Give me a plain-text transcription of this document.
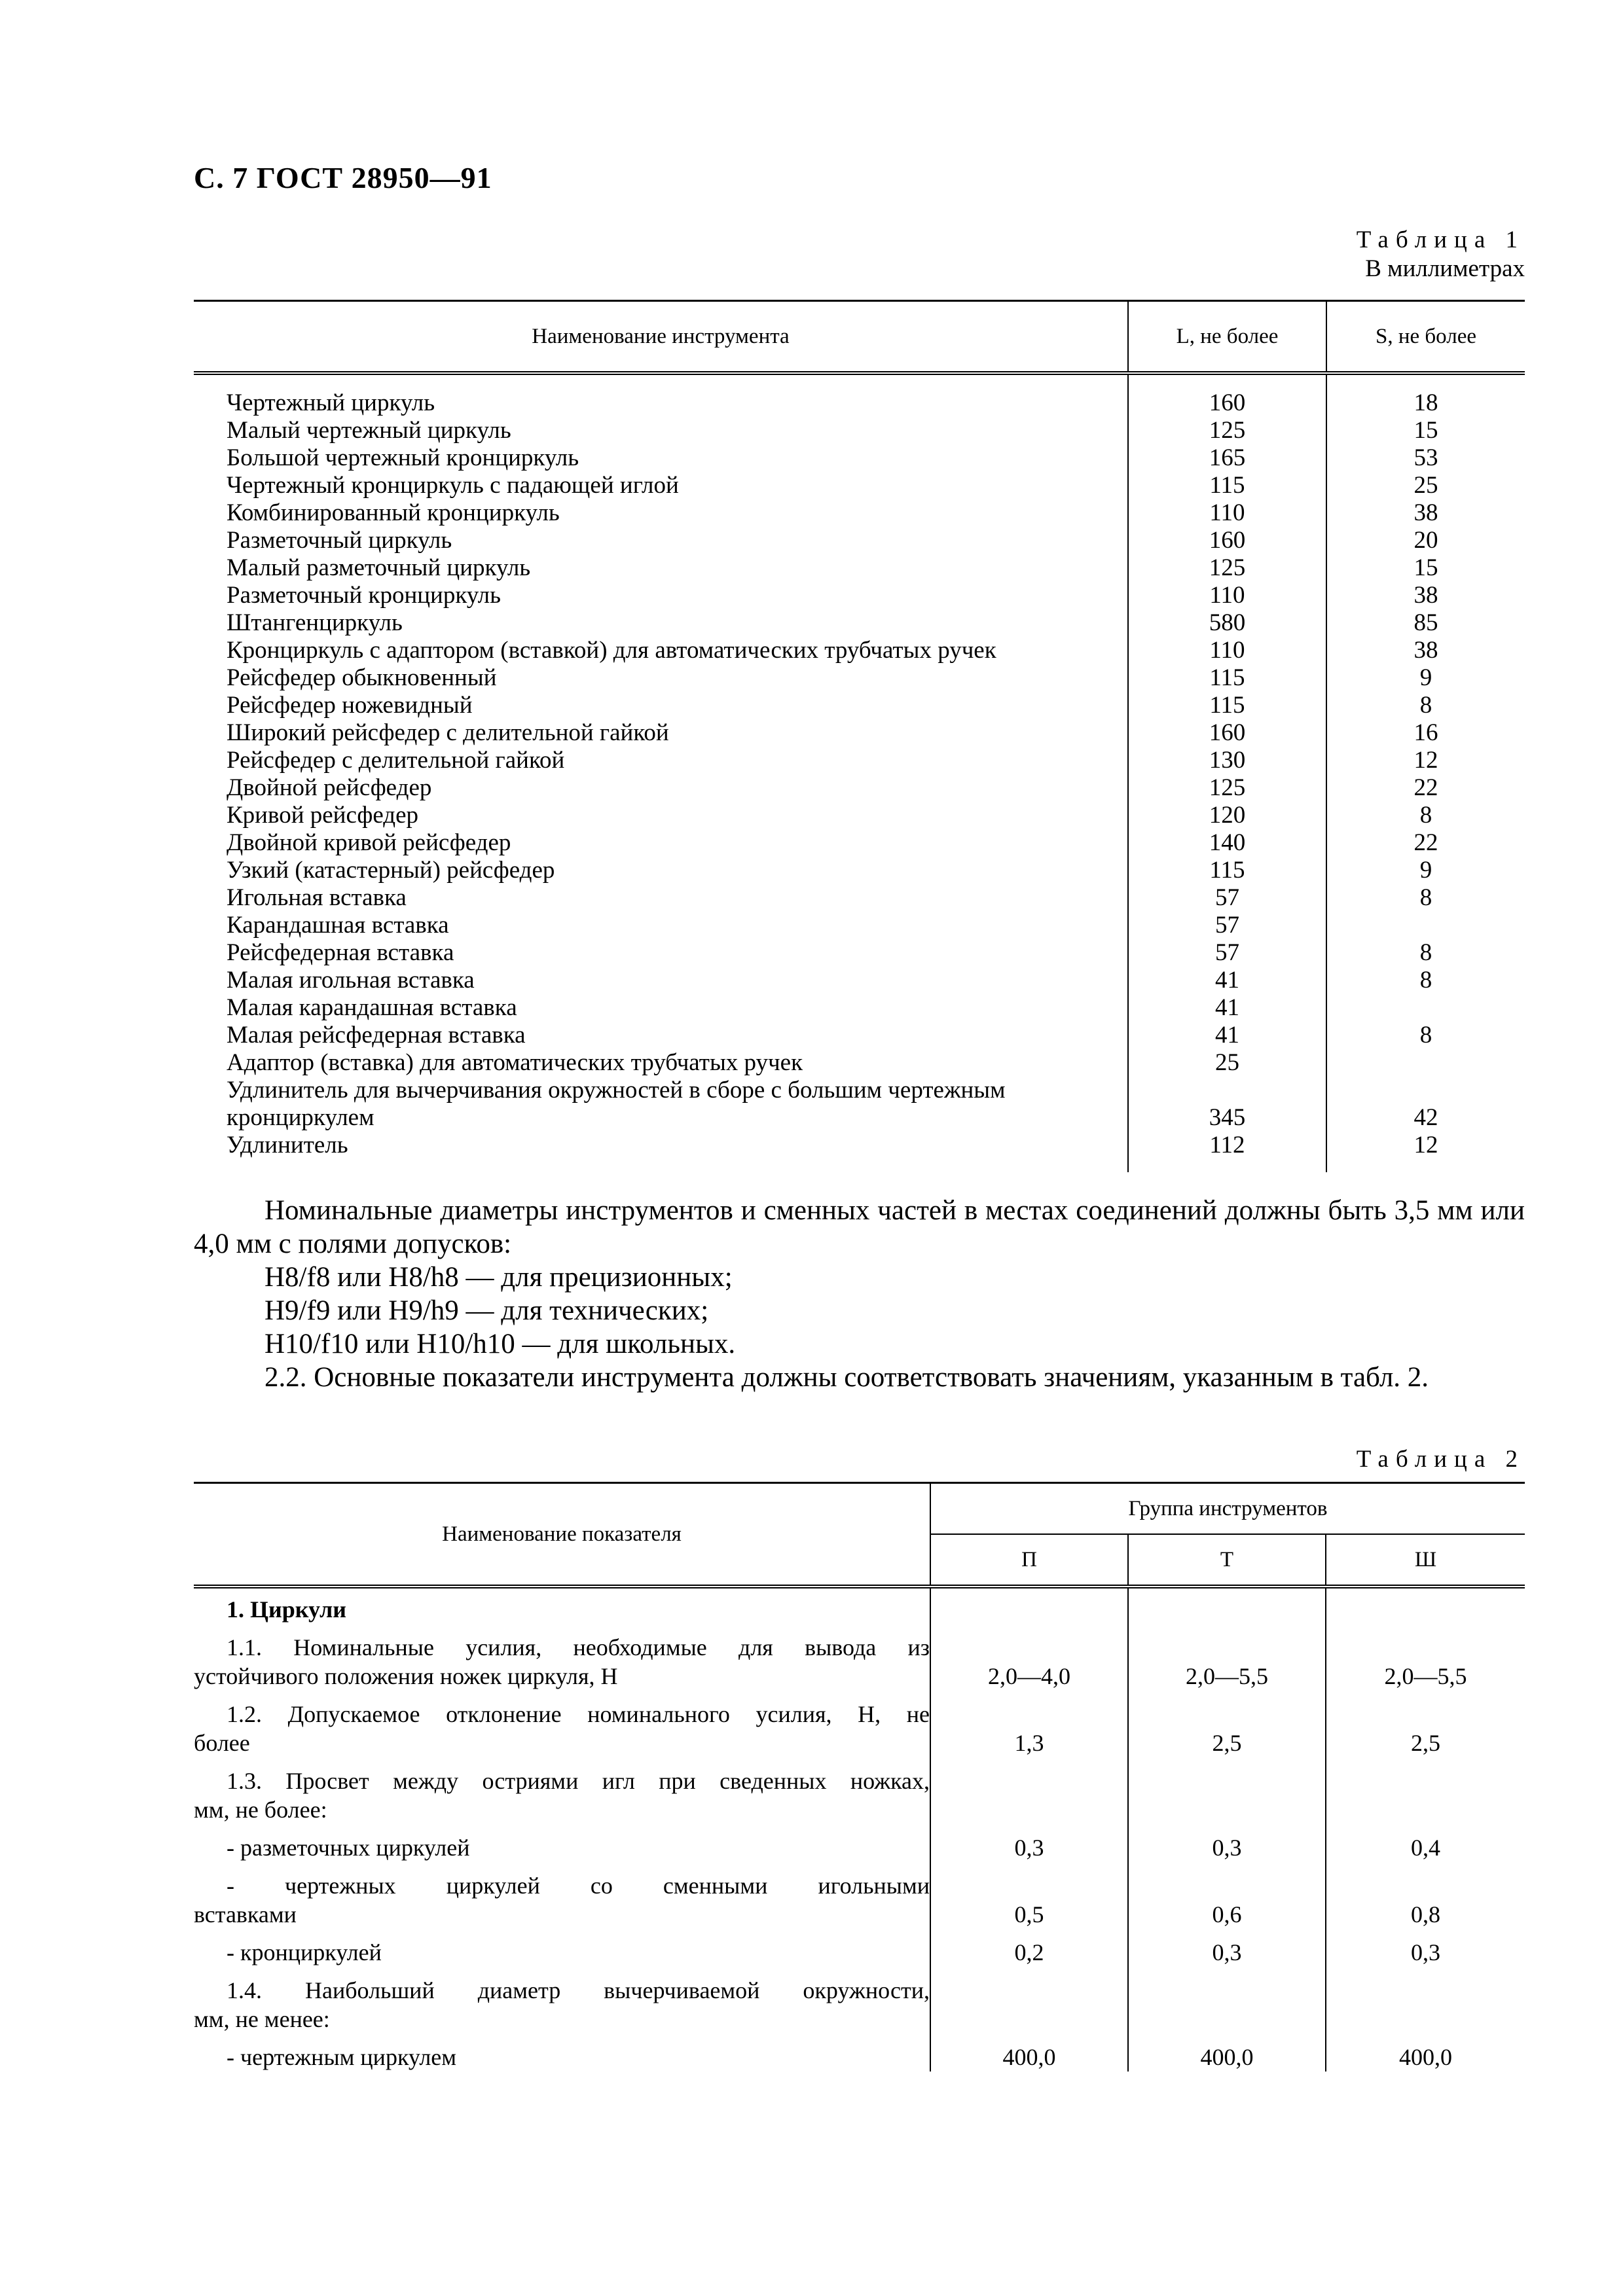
С. 7 ГОСТ 28950—91
Таблица 1
В миллиметрах
Наименование инструмента	L, не более	S, не более

Чертежный циркуль	160	18

Малый чертежный циркуль	125	15

Большой чертежный кронциркуль	165	53

Чертежный кронциркуль с падающей иглой	115	25

Комбинированный кронциркуль	110	38

Разметочный циркуль	160	20

Малый разметочный циркуль	125	15

Разметочный кронциркуль	110	38

Штангенциркуль	580	85

Кронциркуль с адаптором (вставкой) для автоматических трубчатых ручек	110	38

Рейсфедер обыкновенный	115	9

Рейсфедер ножевидный	115	8

Широкий рейсфедер с делительной гайкой	160	16

Рейсфедер с делительной гайкой	130	12

Двойной рейсфедер	125	22

Кривой рейсфедер	120	8

Двойной кривой рейсфедер	140	22

Узкий (катастерный) рейсфедер	115	9

Игольная вставка	57	8

Карандашная вставка	57	

Рейсфедерная вставка	57	8

Малая игольная вставка	41	8

Малая карандашная вставка	41	

Малая рейсфедерная вставка	41	8

Адаптор (вставка) для автоматических трубчатых ручек	25	

Удлинитель для вычерчивания окружностей в сборе с большим чертежным
кронциркулем	345	42

Удлинитель	112	12

Номинальные диаметры инструментов и сменных частей в местах соединений должны быть 3,5 мм или 4,0 мм с полями допусков:

H8/f8 или H8/h8 — для прецизионных;

H9/f9 или H9/h9 — для технических;

H10/f10 или H10/h10 — для школьных.

2.2. Основные показатели инструмента должны соответствовать значениям, указанным в табл. 2.

Таблица 2
Наименование показателя	Группа инструментов		
	П	Т	Ш
1. Циркули			

1.1. Номинальные усилия, необходимые для вывода из
устойчивого положения ножек циркуля, Н	2,0—4,0	2,0—5,5	2,0—5,5

1.2. Допускаемое отклонение номинального усилия, Н, не
более	1,3	2,5	2,5

1.3. Просвет между остриями игл при сведенных ножках,
мм, не более:			

- разметочных циркулей	0,3	0,3	0,4

- чертежных циркулей со сменными игольными
вставками	0,5	0,6	0,8

- кронциркулей	0,2	0,3	0,3

1.4. Наибольший диаметр вычерчиваемой окружности,
мм, не менее:			

- чертежным циркулем	400,0	400,0	400,0
